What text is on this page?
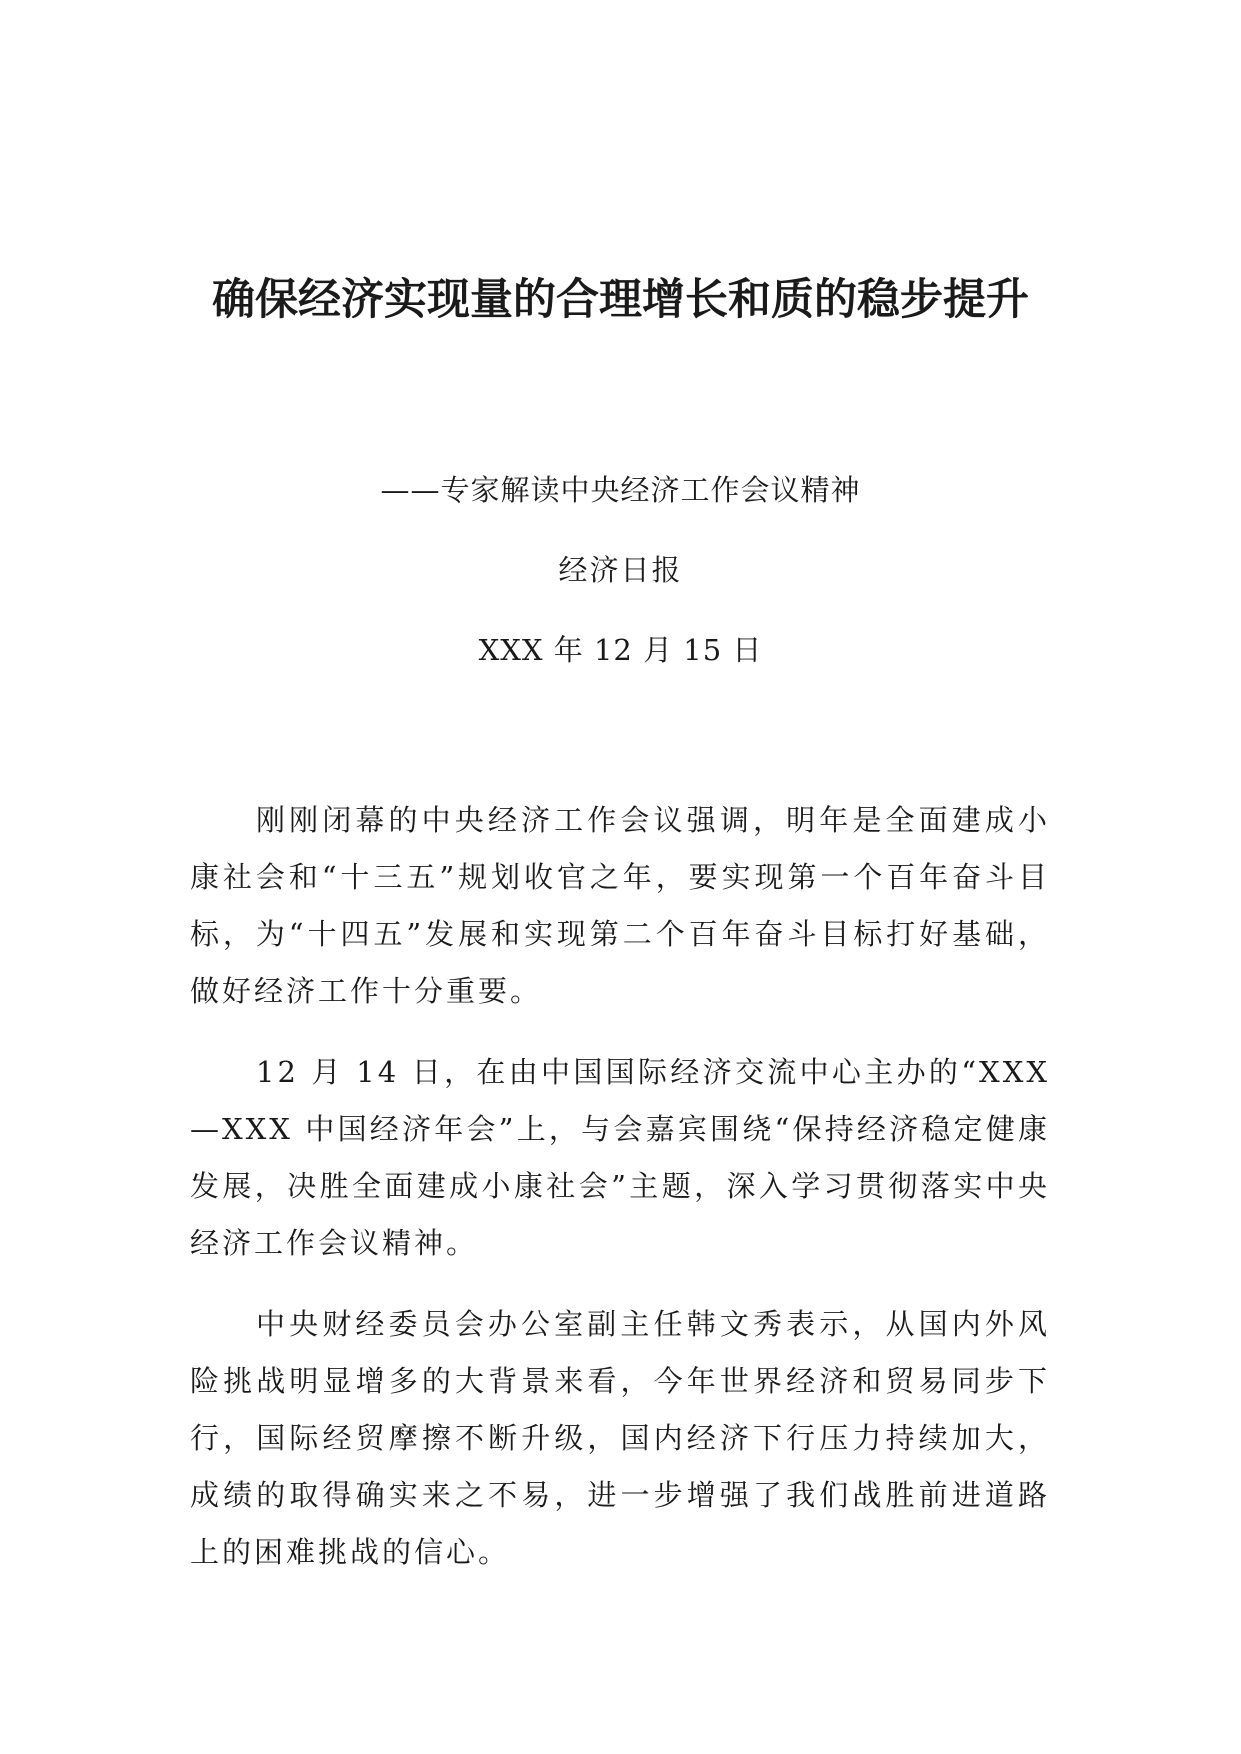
确保经济实现量的合理增长和质的稳步提升

——专家解读中央经济工作会议精神

经济日报

XXX 年 12 月 15 日

刚刚闭幕的中央经济工作会议强调，明年是全面建成小康社会和“十三五”规划收官之年，要实现第一个百年奋斗目标，为“十四五”发展和实现第二个百年奋斗目标打好基础，做好经济工作十分重要。

12 月 14 日，在由中国国际经济交流中心主办的“XXX—XXX 中国经济年会”上，与会嘉宾围绕“保持经济稳定健康发展，决胜全面建成小康社会”主题，深入学习贯彻落实中央经济工作会议精神。

中央财经委员会办公室副主任韩文秀表示，从国内外风险挑战明显增多的大背景来看，今年世界经济和贸易同步下行，国际经贸摩擦不断升级，国内经济下行压力持续加大，成绩的取得确实来之不易，进一步增强了我们战胜前进道路上的困难挑战的信心。
